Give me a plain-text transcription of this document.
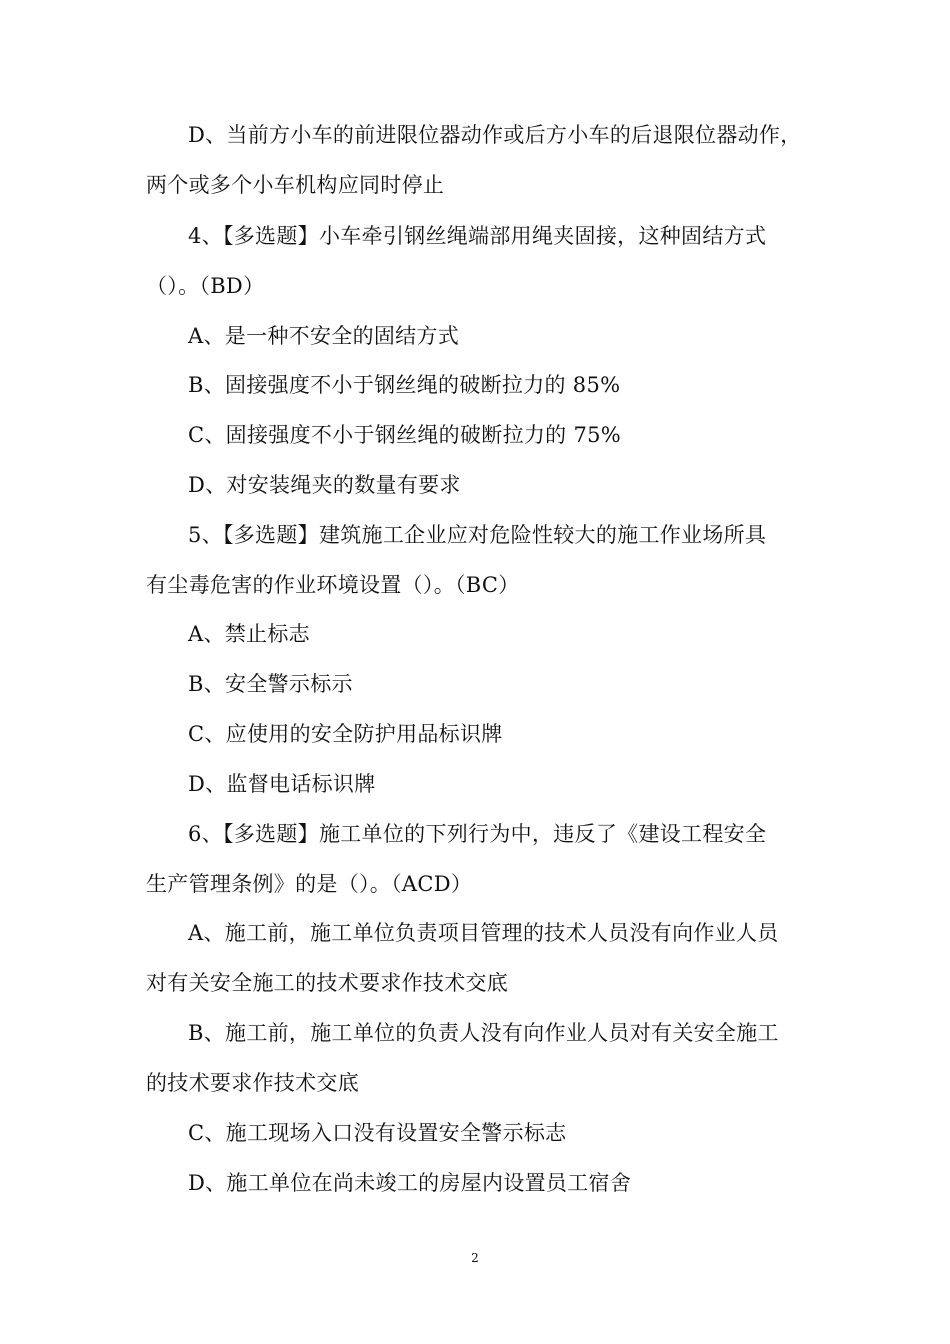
D、当前方小车的前进限位器动作或后方小车的后退限位器动作，
两个或多个小车机构应同时停止
4、【多选题】小车牵引钢丝绳端部用绳夹固接，这种固结方式
（）。（BD）
A、是一种不安全的固结方式
B、固接强度不小于钢丝绳的破断拉力的 85%
C、固接强度不小于钢丝绳的破断拉力的 75%
D、对安装绳夹的数量有要求
5、【多选题】建筑施工企业应对危险性较大的施工作业场所具
有尘毒危害的作业环境设置（）。（BC）
A、禁止标志
B、安全警示标示
C、应使用的安全防护用品标识牌
D、监督电话标识牌
6、【多选题】施工单位的下列行为中，违反了《建设工程安全
生产管理条例》的是（）。（ACD）
A、施工前，施工单位负责项目管理的技术人员没有向作业人员
对有关安全施工的技术要求作技术交底
B、施工前，施工单位的负责人没有向作业人员对有关安全施工
的技术要求作技术交底
C、施工现场入口没有设置安全警示标志
D、施工单位在尚未竣工的房屋内设置员工宿舍
2
